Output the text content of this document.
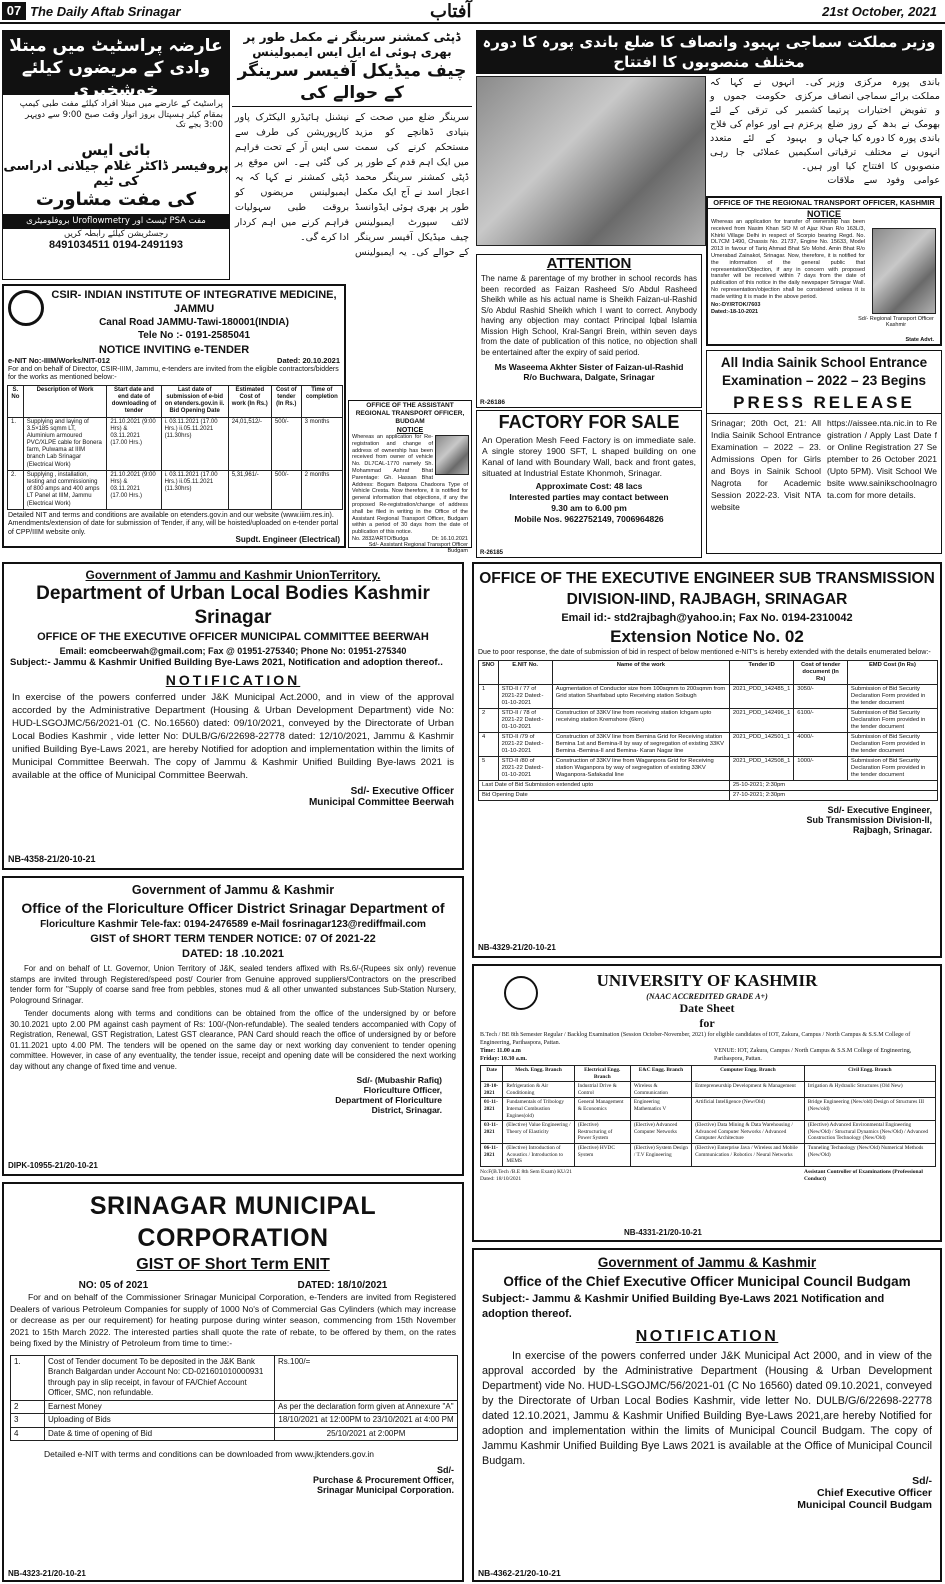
07 The Daily Aftab Srinagar	آفتاب	21st October, 2021
عارضہ پراسٹیٹ میں مبتلا وادی کے مریضوں کیلئے خوشخبری
پراسٹیٹ کے عارضے میں مبتلا افراد کیلئے مفت طبی کیمپ بمقام کیئر ہسپتال بروز اتوار وقت صبح 9:00 سے دوپہر 3:00 بجے تک
بائی ایس
پروفیسر ڈاکٹر غلام جیلانی ادراسی کی ٹیم
کی مفت مشاورت
مفت PSA ٹیسٹ اور Uroflowmetry بروفلومیٹری
رجسٹریشن کیلئے رابطہ کریں
8491034511 0194-2491193
ڈپٹی کمشنر سرینگر نے مکمل طور پر بھری ہوئی اے ایل ایس ایمبولینس
چیف میڈیکل آفیسر سرینگر کے حوالے کی
سرینگر ضلع میں صحت کے بنیادی ڈھانچے کو مزید مستحکم کرنے کی سمت میں ایک اہم قدم کے طور پر ڈپٹی کمشنر سرینگر محمد اعجاز اسد نے آج ایک مکمل طور پر بھری ہوئی ایڈوانسڈ لائف سپورٹ ایمبولینس چیف میڈیکل آفیسر سرینگر کے حوالے کی۔ یہ ایمبولینس نیشنل ہائیڈرو الیکٹرک پاور کارپوریشن کی طرف سے سی ایس آر کے تحت فراہم کی گئی ہے۔ اس موقع پر ڈپٹی کمشنر نے کہا کہ یہ ایمبولینس مریضوں کو بروقت طبی سہولیات فراہم کرنے میں اہم کردار ادا کرے گی۔
وزیر مملکت سماجی بہبود وانصاف کا ضلع باندی پورہ کا دورہ مختلف منصوبوں کا افتتاح
باندی پورہ مرکزی وزیر مملکت برائے سماجی انصاف و تفویض اختیارات پرتیما بھومک نے بدھ کے روز ضلع باندی پورہ کا دورہ کیا جہاں انہوں نے مختلف ترقیاتی منصوبوں کا افتتاح کیا اور عوامی وفود سے ملاقات کی۔ انہوں نے کہا کہ مرکزی حکومت جموں و کشمیر کی ترقی کے لئے پرعزم ہے اور عوام کی فلاح و بہبود کے لئے متعدد اسکیمیں عملائی جا رہی ہیں۔
CSIR- INDIAN INSTITUTE OF INTEGRATIVE MEDICINE, JAMMU
Canal Road JAMMU-Tawi-180001(INDIA)
Tele No :- 0191-2585041
NOTICE INVITING e-TENDER
e-NIT No:-IIIM/Works/NIT-012	Dated: 20.10.2021
For and on behalf of Director, CSIR-IIIM, Jammu, e-tenders are invited from the eligible contractors/bidders for the works as mentioned below:-
S. No	Description of Work	Start date and end date of downloading of tender	Last date of submission of e-bid on etenders.gov.in ii. Bid Opening Date	Estimated Cost of work (In Rs.)	Cost of tender (In Rs.)	Time of completion
1.	Supplying and laying of 3.5×185 sqmm LT, Aluminium armoured PVC/XLPE cable for Bonera farm, Pulwama at IIIM branch Lab Srinagar (Electrical Work)	21.10.2021 (9:00 Hrs) & 03.11.2021 (17.00 Hrs.)	i. 03.11.2021 (17.00 Hrs.) ii.05.11.2021 (11.30hrs)	24,01,512/-	500/-	3 months
2.	Supplying , installation, testing and commissioning of 800 amps and 400 amps LT Panel at IIIM, Jammu (Electrical Work)	21.10.2021 (9:00 Hrs) & 03.11.2021 (17.00 Hrs.)	i. 03.11.2021 (17.00 Hrs.) ii.05.11.2021 (11.30hrs)	5,31,961/-	500/-	2 months
Detailed NIT and terms and conditions are available on etenders.gov.in and our website (www.iiim.res.in). Amendments/extension of date for submission of Tender, if any, will be hoisted/uploaded on e-tender portal of CPP/IIIM website only.
Supdt. Engineer (Electrical)
OFFICE OF THE ASSISTANT REGIONAL TRANSPORT OFFICER, BUDGAM
NOTICE
Whereas an application for Re-registration and change of address of ownership has been received from owner of vehicle No. DL7CAL-1770 namely Sh. Mohammad Ashraf Bhat Parentage: Gh. Hassan Bhat Address: Bogam Batpora Chadoora Type of Vehicle Cresta. Now therefore, it is notified for general information that objections, if any the proposed Re-registration/change of address shall be filed in writing in the Office of the Assistant Regional Transport Officer, Budgam within a period of 30 days from the date of publication of this notice.
No. 2832/ARTO/Budga	Dt: 16.10.2021
Sd/- Assistant Regional Transport Officer Budgam
ATTENTION
The name & parentage of my brother in school records has been recorded as Faizan Rasheed S/o Abdul Rasheed Sheikh while as his actual name is Sheikh Faizan-ul-Rashid S/o Abdul Rashid Sheikh which I want to correct. Anybody having any objection may contact Principal Iqbal Islamia Mission High School, Kral-Sangri Brein, within seven days from the date of publication of this notice, no objection shall be entertained after the expiry of said period.
Ms Waseema Akhter Sister of Faizan-ul-Rashid
R/o Buchwara, Dalgate, Srinagar
R-26186
OFFICE OF THE REGIONAL TRANSPORT OFFICER, KASHMIR
NOTICE
Whereas an application for transfer of ownership has been received from Nasim Khan S/O M of Ajaz Khan R/o 163L/3, Khirki Village Delhi in respect of Scorpio bearing Regd. No. DL7CM 1490, Chassis No. 21737, Engine No. 15633, Model 2013 in favour of Tariq Ahmad Bhat S/o Mohd. Amin Bhat R/o Umerabad Zainakot, Srinagar. Now, therefore, it is notified for the information of the general public that representation/Objection, if any in concern with proposed transfer will be received within 7 days from the date of publication of this notice in the daily newspaper Srinagar Wall. No representation/objection shall be considered unless it is made writing it is made in the above period.
No:-DY/RTOK/7603
Dated:-18-10-2021
Sd/- Regional Transport Officer Kashmir
State Advt.
FACTORY FOR SALE
An Operation Mesh Feed Factory is on immediate sale. A single storey 1900 SFT, L shaped building on one Kanal of land with Boundary Wall, back and front gates, situated at Industrial Estate Khonmoh, Srinagar.
Approximate Cost: 48 lacs
Interested parties may contact between
9.30 am to 6.00 pm
Mobile Nos. 9622752149, 7006964826
R-26185
All India Sainik School Entrance Examination – 2022 – 23 Begins
PRESS RELEASE
Srinagar; 20th Oct, 21: All India Sainik School Entrance Examination – 2022 – 23. Admissions Open for Girls and Boys in Sainik School Nagrota for Academic Session 2022-23. Visit NTA website
https://aissee.nta.nic.in to Registration / Apply Last Date for Online Registration 27 September to 26 October 2021 (Upto 5PM). Visit School Website www.sainikschoolnagrota.com for more details.
Government of Jammu and Kashmir UnionTerritory.
Department of Urban Local Bodies Kashmir Srinagar
OFFICE OF THE EXECUTIVE OFFICER MUNICIPAL COMMITTEE BEERWAH
Email: eomcbeerwah@gmail.com; Fax @ 01951-275340; Phone No: 01951-275340
Subject:- Jammu & Kashmir Unified Building Bye-Laws 2021, Notification and adoption thereof..
NOTIFICATION
In exercise of the powers conferred under J&K Municipal Act.2000, and in view of the approval accorded by the Administrative Department (Housing & Urban Development Department) vide No: HUD-LSGOJMC/56/2021-01 (C. No.16560) dated: 09/10/2021, conveyed by the Directorate of Urban Local Bodies Kashmir , vide letter No: DULB/G/6/22698-22778 dated: 12/10/2021, Jammu & Kashmir unified Building Bye-Laws 2021, are hereby Notified for adoption and implementation within the limits of Municipal Committee Beerwah. The copy of Jammu & Kashmir Unified Building Bye-laws 2021 is available at the office of Municipal Committee Beerwah.
Sd/- Executive Officer
Municipal Committee Beerwah
NB-4358-21/20-10-21
OFFICE OF THE EXECUTIVE ENGINEER SUB TRANSMISSION
DIVISION-IIND, RAJBAGH, SRINAGAR
Email id:- std2rajbagh@yahoo.in; Fax No. 0194-2310042
Extension Notice No. 02
Due to poor response, the date of submission of bid in respect of below mentioned e-NIT's is hereby extended with the details enumerated below:-
SNO	E.NIT No.	Name of the work	Tender ID	Cost of tender document (In Rs)	EMD Cost (In Rs)
1	STD-II / 77 of 2021-22 Dated:- 01-10-2021	Augmentation of Conductor size from 100sqmm to 200sqmm from Grid station Sharifabad upto Receiving station Soibugh	2021_PDD_142485_1	3050/-	Submission of Bid Security Declaration Form provided in the tender document
2	STD-II / 78 of 2021-22 Dated:- 01-10-2021	Construction of 33KV line from receiving station Ichgam upto receiving station Kremshore (6km)	2021_PDD_142496_1	6100/-	Submission of Bid Security Declaration Form provided in the tender document
4	STD-II /79 of 2021-22 Dated:- 01-10-2021	Construction of 33KV line from Bemina Grid for Receiving station Bemina 1st and Bemina-II by way of segregation of existing 33KV Bemina -Bemina-II and Bemina- Karan Nagar line	2021_PDD_142501_1	4000/-	Submission of Bid Security Declaration Form provided in the tender document
5	STD-II /80 of 2021-22 Dated:- 01-10-2021	Construction of 33KV line from Waganpora Grid for Receiving station Waganpora by way of segregation of existing 33KV Waganpora-Safakadal line	2021_PDD_142508_1	1000/-	Submission of Bid Security Declaration Form provided in the tender document
Last Date of Bid Submission extended upto			25-10-2021; 2:30pm		
Bid Opening Date			27-10-2021; 2:30pm		
Sd/- Executive Engineer,
Sub Transmission Division-II,
Rajbagh, Srinagar.
NB-4329-21/20-10-21
Government of Jammu & Kashmir
Office of the Floriculture Officer District Srinagar Department of
Floriculture Kashmir Tele-fax: 0194-2476589 e-Mail fosrinagar123@rediffmail.com
GIST of SHORT TERM TENDER NOTICE: 07 Of 2021-22
DATED: 18 .10.2021
For and on behalf of Lt. Governor, Union Territory of J&K, sealed tenders affixed with Rs.6/-(Rupees six only) revenue stamps are invited through Registered/speed post/ Courier from Genuine approved suppliers/Contractors on the prescribed tender form for "Supply of coarse sand free from pebbles, stones mud & all other unwanted substances Sub-Station Nursery, Pologround Srinagar.
Tender documents along with terms and conditions can be obtained from the office of the undersigned by or before 30.10.2021 upto 2.00 PM against cash payment of Rs: 100/-(Non-refundable). The sealed tenders accompanied with Copy of Registration, Renewal, GST Registration, Latest GST clearance, PAN Card should reach the office of undersigned by or before 01.11.2021 upto 4.00 PM. The tenders will be opened on the same day or next working day convenient to tender opening committee. However, in case of any eventuality, the tender issue, receipt and opening date will be considered the next working day without any change of fixed time and venue.
Sd/- (Mubashir Rafiq)
Floriculture Officer,
Department of Floriculture
District, Srinagar.
DIPK-10955-21/20-10-21
UNIVERSITY OF KASHMIR
(NAAC ACCREDITED GRADE A+)
Date Sheet
for
B.Tech / BE 8th Semester Regular / Backlog Examination (Session October-November, 2021) for eligible candidates of IOT, Zakura, Campus / North Campus & S.S.M College of Engineering, Parihaspora, Pattan.
Time: 11.00 a.m
Friday: 10.30 a.m.
VENUE: IOT, Zakura, Campus / North Campus & S.S.M College of Engineering, Parihaspora, Pattan.
Date	Mech. Engg. Branch	Electrical Engg. Branch	E&C Engg. Branch	Computer Engg. Branch	Civil Engg. Branch
28-10-2021	Refrigeration & Air Conditioning	Industrial Drive & Control	Wireless & Communication	Entrepreneurship Development & Management	Irrigation & Hydraulic Structures (Old New)
01-11-2021	Fundamentals of Tribology Internal Combustion Engines(old)	General Management & Economics	Engineering Mathematics V	Artificial Intelligence (New/Old)	Bridge Engineering (New/old) Design of Structures III (New/old)
03-11-2021	(Elective) Value Engineering / Theory of Elasticity	(Elective) Restructuring of Power System	(Elective) Advanced Computer Networks	(Elective) Data Mining & Data Warehousing / Advanced Computer Networks / Advanced Computer Architecture	(Elective) Advanced Environmental Engineering (New/Old) / Structural Dynamics (New/Old) / Advanced Construction Technology (New/Old)
06-11-2021	(Elective) Introduction of Acoustics / Introduction to MEMS	(Elective) HVDC System	(Elective) System Design / T.V Engineering	(Elective) Enterprise Java / Wireless and Mobile Communication / Robotics / Neural Networks	Tunneling Technology (New/Old) Numerical Methods (New/Old)
No:F(B.Tech /B.E 8th Sem Exam) KU/21
Dated: 18/10/2021
Assistant Controller of Examinations (Professional Conduct)
NB-4331-21/20-10-21
SRINAGAR MUNICIPAL CORPORATION
GIST OF Short Term ENIT
NO: 05 of 2021	DATED: 18/10/2021
For and on behalf of the Commissioner Srinagar Municipal Corporation, e-Tenders are invited from Registered Dealers of various Petroleum Companies for supply of 1000 No's of Commercial Gas Cylinders (which may increase or decrease as per our requirement) for heating purpose during winter season, commencing from 15th November 2021 to 15th March 2022. The interested parties shall quote the rate of rebate, to be offered by them, on the rates being fixed by the Ministry of Petroleum from time to time:-
1.	Cost of Tender document To be deposited in the J&K Bank Branch Balgardan under Account No: CD-021601010000931 through pay in slip receipt, in favour of FA/Chief Account Officer, SMC, non refundable.	Rs.100/=
2	Earnest Money	As per the declaration form given at Annexure "A"
3	Uploading of Bids	18/10/2021 at 12:00PM to 23/10/2021 at 4:00 PM
4	Date & time of opening of Bid	25/10/2021 at 2:00PM
Detailed e-NIT with terms and conditions can be downloaded from www.jktenders.gov.in
Sd/-
Purchase & Procurement Officer,
Srinagar Municipal Corporation.
NB-4323-21/20-10-21
Government of Jammu & Kashmir
Office of the Chief Executive Officer Municipal Council Budgam
Subject:- Jammu & Kashmir Unified Building Bye-Laws 2021 Notification and adoption thereof.
NOTIFICATION
In exercise of the powers conferred under J&K Municipal Act 2000, and in view of the approval accorded by the Administrative Department (Housing & Urban Development Department) vide No. HUD-LSGOJMC/56/2021-01 (C No 16560) dated 09.10.2021, conveyed by the Directorate of Urban Local Bodies Kashmir, vide letter No. DULB/G/6/22698-22778 dated 12.10.2021, Jammu & Kashmir Unified Building Bye-Laws 2021,are hereby Notified for adoption and implementation within the limits of Municipal Council Budgam. The copy of Jammu Kashmir Unified Building Bye Laws 2021 is available at the Office of Municipal Council Budgam.
Sd/-
Chief Executive Officer
Municipal Council Budgam
NB-4362-21/20-10-21
